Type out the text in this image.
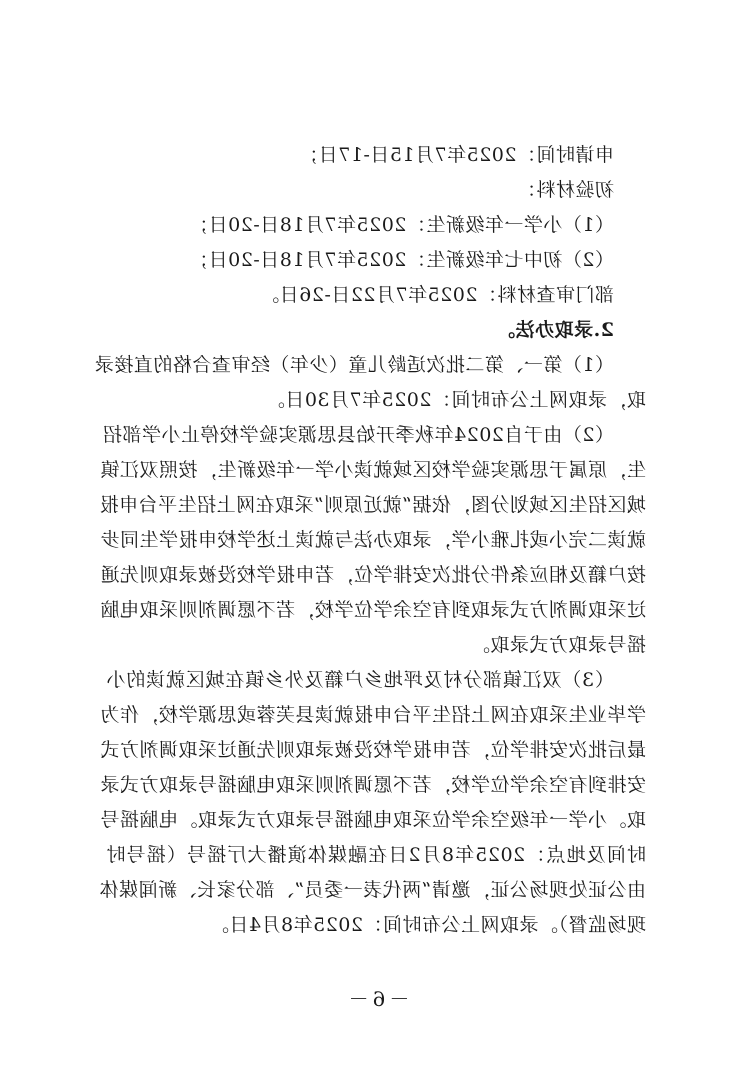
申请时间：2025年7月15日-17日；
初验材料：
（1）小学一年级新生：2025年7月18日-20日；
（2）初中七年级新生：2025年7月18日-20日；
部门审查材料：2025年7月22日-26日。
2.录取办法。
（1）第一、第二批次适龄儿童（少年）经审查合格的直接录
取，录取网上公布时间：2025年7月30日。
（2）由于自2024年秋季开始县思源实验学校停止小学部招
生，原属于思源实验学校区域就读小学一年级新生，按照双江镇
城区招生区域划分图，依据“就近原则”采取在网上招生平台申报
就读二完小或扎雅小学，录取办法与就读上述学校申报学生同步
按户籍及相应条件分批次安排学位，若申报学校没被录取则先通
过采取调剂方式录取到有空余学位学校，若不愿调剂则采取电脑
摇号录取方式录取。
（3）双江镇部分村及坪地乡户籍及外乡镇在城区就读的小
学毕业生采取在网上招生平台申报就读县芙蓉或思源学校，作为
最后批次安排学位，若申报学校没被录取则先通过采取调剂方式
安排到有空余学位学校，若不愿调剂则采取电脑摇号录取方式录
取。小学一年级空余学位采取电脑摇号录取方式录取。电脑摇号
时间及地点：2025年8月2日在融媒体演播大厅摇号（摇号时
由公证处现场公证，邀请“两代表一委员”、部分家长、新闻媒体
现场监督）。录取网上公布时间：2025年8月4日。
－6－
